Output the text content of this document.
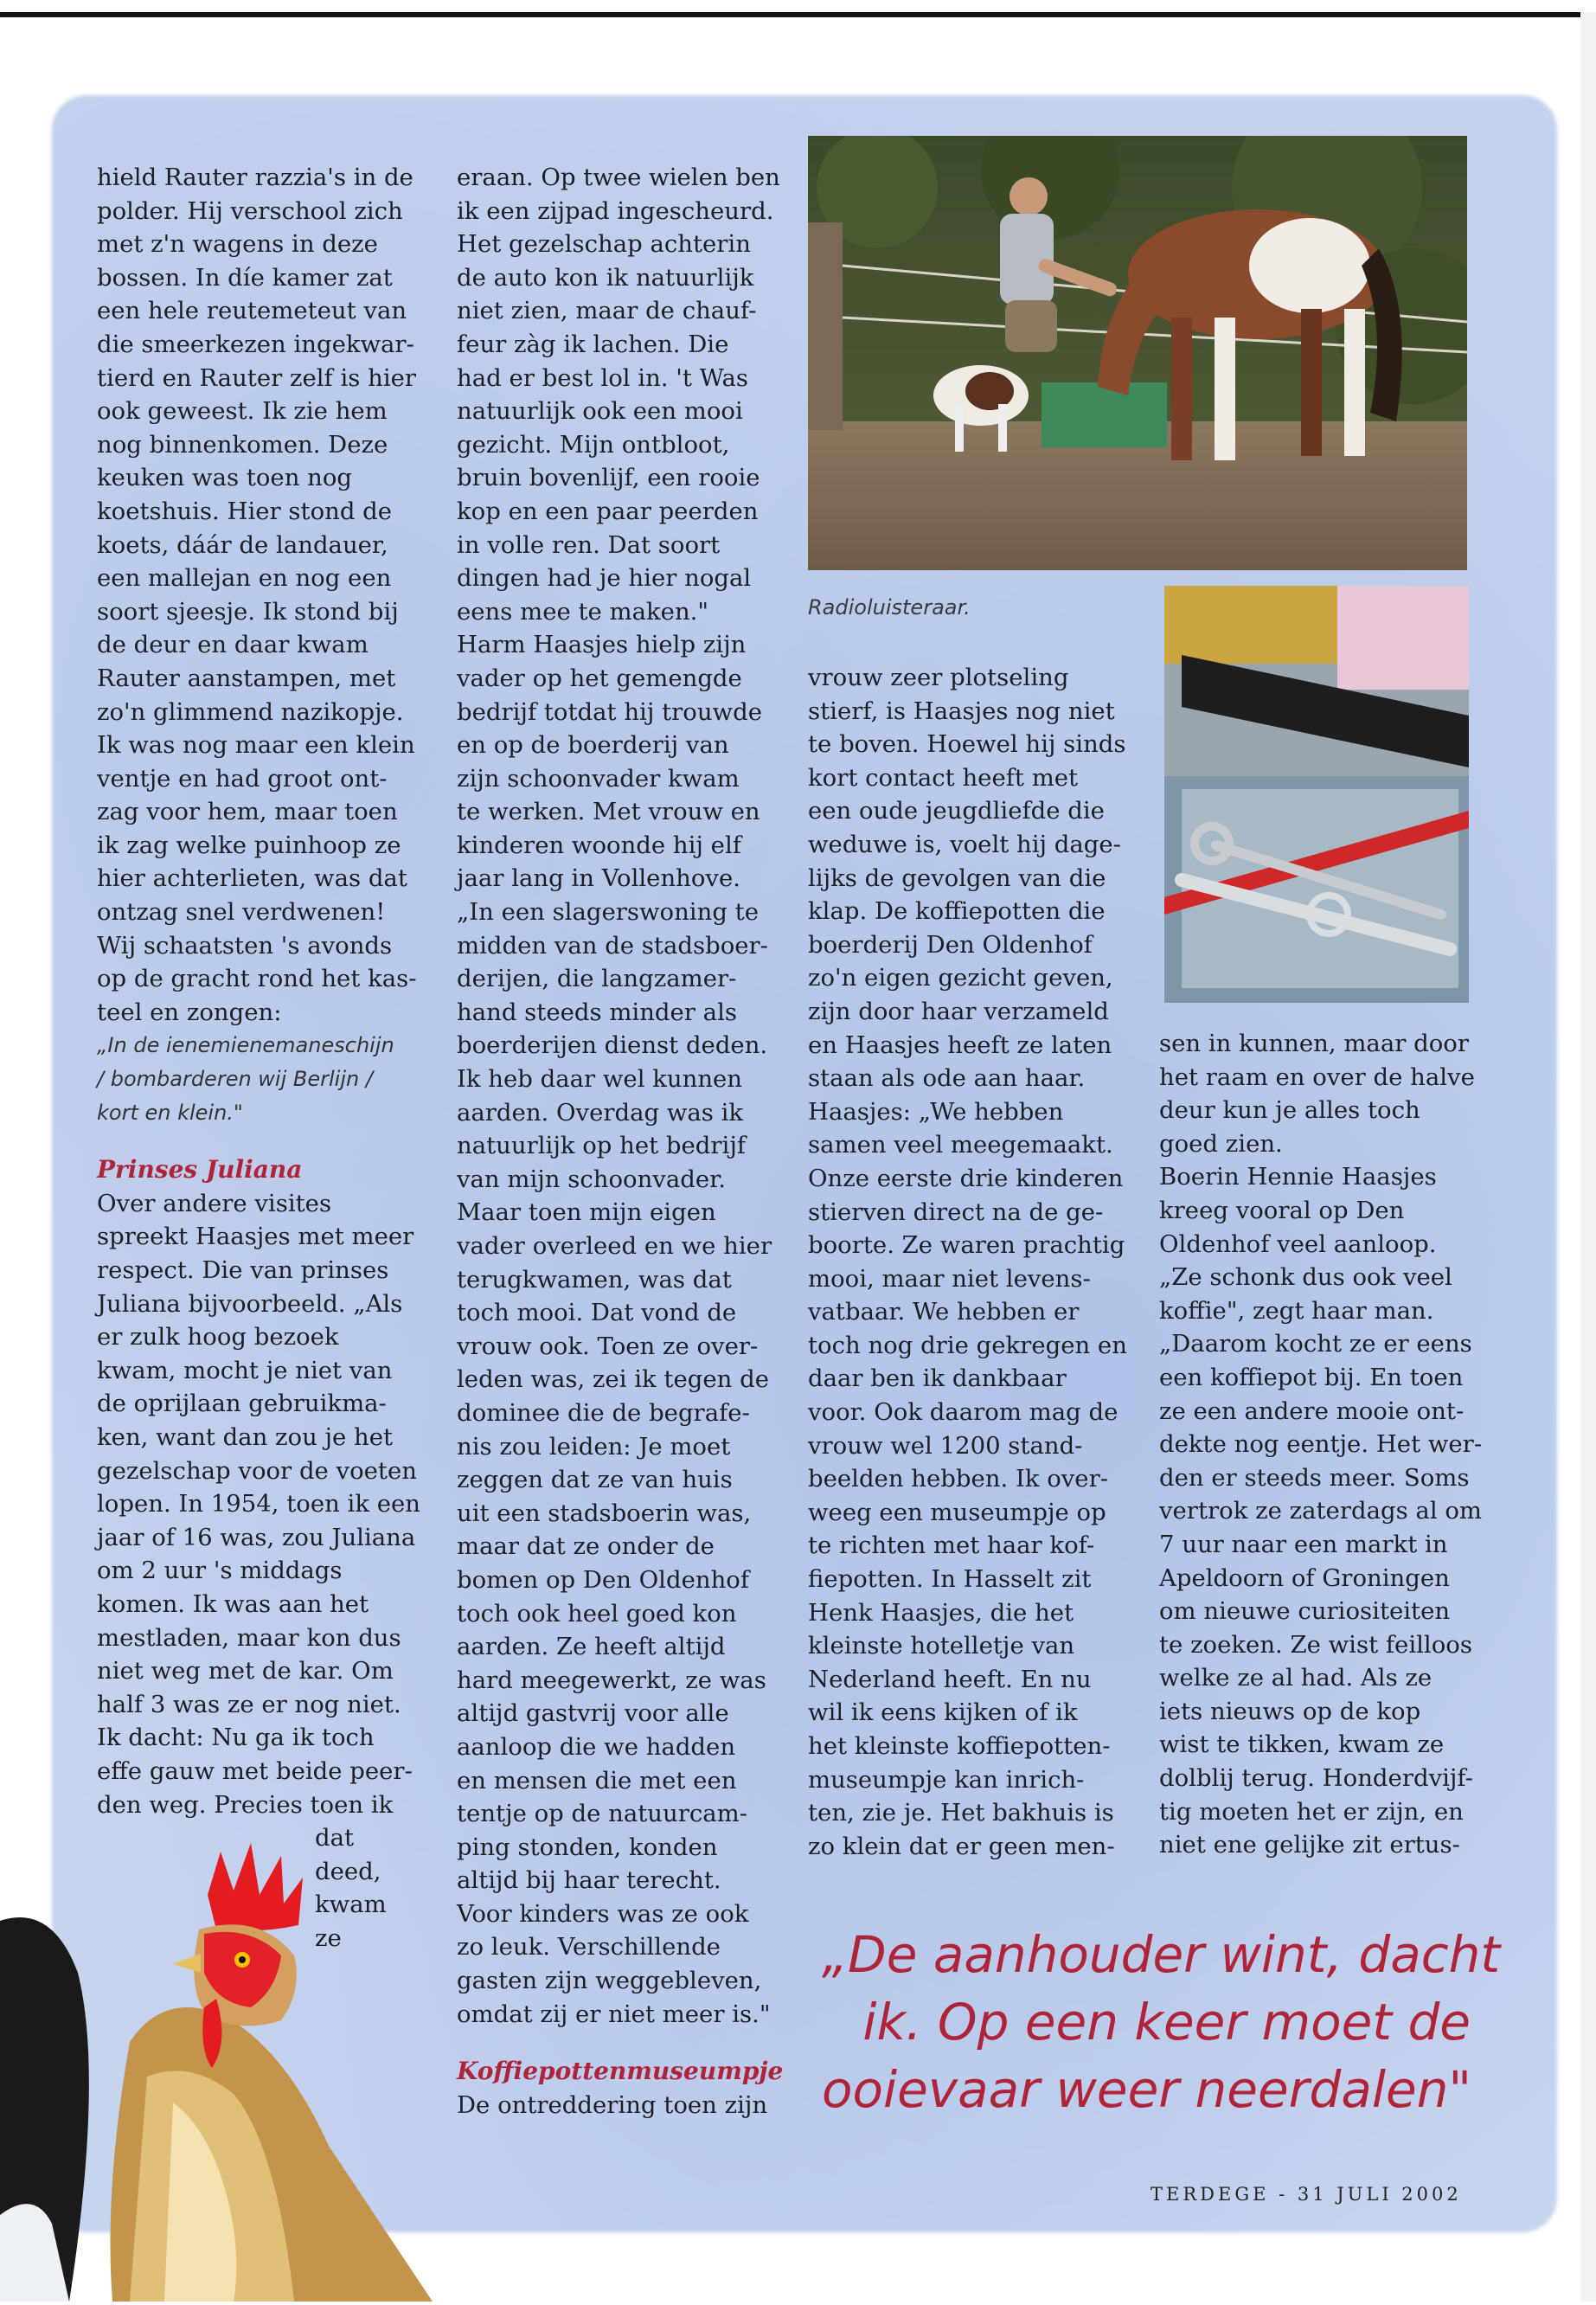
hield Rauter razzia's in de
polder. Hij verschool zich
met z'n wagens in deze
bossen. In díe kamer zat
een hele reutemeteut van
die smeerkezen ingekwar-
tierd en Rauter zelf is hier
ook geweest. Ik zie hem
nog binnenkomen. Deze
keuken was toen nog
koetshuis. Hier stond de
koets, dáár de landauer,
een mallejan en nog een
soort sjeesje. Ik stond bij
de deur en daar kwam
Rauter aanstampen, met
zo'n glimmend nazikopje.
Ik was nog maar een klein
ventje en had groot ont-
zag voor hem, maar toen
ik zag welke puinhoop ze
hier achterlieten, was dat
ontzag snel verdwenen!
Wij schaatsten 's avonds
op de gracht rond het kas-
teel en zongen:
„In de ienemienemaneschijn
/ bombarderen wij Berlijn /
kort en klein."
Prinses Juliana
Over andere visites
spreekt Haasjes met meer
respect. Die van prinses
Juliana bijvoorbeeld. „Als
er zulk hoog bezoek
kwam, mocht je niet van
de oprijlaan gebruikma-
ken, want dan zou je het
gezelschap voor de voeten
lopen. In 1954, toen ik een
jaar of 16 was, zou Juliana
om 2 uur 's middags
komen. Ik was aan het
mestladen, maar kon dus
niet weg met de kar. Om
half 3 was ze er nog niet.
Ik dacht: Nu ga ik toch
effe gauw met beide peer-
den weg. Precies toen ik
dat
deed,
kwam
ze
eraan. Op twee wielen ben
ik een zijpad ingescheurd.
Het gezelschap achterin
de auto kon ik natuurlijk
niet zien, maar de chauf-
feur zàg ik lachen. Die
had er best lol in. 't Was
natuurlijk ook een mooi
gezicht. Mijn ontbloot,
bruin bovenlijf, een rooie
kop en een paar peerden
in volle ren. Dat soort
dingen had je hier nogal
eens mee te maken."
Harm Haasjes hielp zijn
vader op het gemengde
bedrijf totdat hij trouwde
en op de boerderij van
zijn schoonvader kwam
te werken. Met vrouw en
kinderen woonde hij elf
jaar lang in Vollenhove.
„In een slagerswoning te
midden van de stadsboer-
derijen, die langzamer-
hand steeds minder als
boerderijen dienst deden.
Ik heb daar wel kunnen
aarden. Overdag was ik
natuurlijk op het bedrijf
van mijn schoonvader.
Maar toen mijn eigen
vader overleed en we hier
terugkwamen, was dat
toch mooi. Dat vond de
vrouw ook. Toen ze over-
leden was, zei ik tegen de
dominee die de begrafe-
nis zou leiden: Je moet
zeggen dat ze van huis
uit een stadsboerin was,
maar dat ze onder de
bomen op Den Oldenhof
toch ook heel goed kon
aarden. Ze heeft altijd
hard meegewerkt, ze was
altijd gastvrij voor alle
aanloop die we hadden
en mensen die met een
tentje op de natuurcam-
ping stonden, konden
altijd bij haar terecht.
Voor kinders was ze ook
zo leuk. Verschillende
gasten zijn weggebleven,
omdat zij er niet meer is."
Koffiepottenmuseumpje
De ontreddering toen zijn
Radioluisteraar.
vrouw zeer plotseling
stierf, is Haasjes nog niet
te boven. Hoewel hij sinds
kort contact heeft met
een oude jeugdliefde die
weduwe is, voelt hij dage-
lijks de gevolgen van die
klap. De koffiepotten die
boerderij Den Oldenhof
zo'n eigen gezicht geven,
zijn door haar verzameld
en Haasjes heeft ze laten
staan als ode aan haar.
Haasjes: „We hebben
samen veel meegemaakt.
Onze eerste drie kinderen
stierven direct na de ge-
boorte. Ze waren prachtig
mooi, maar niet levens-
vatbaar. We hebben er
toch nog drie gekregen en
daar ben ik dankbaar
voor. Ook daarom mag de
vrouw wel 1200 stand-
beelden hebben. Ik over-
weeg een museumpje op
te richten met haar kof-
fiepotten. In Hasselt zit
Henk Haasjes, die het
kleinste hotelletje van
Nederland heeft. En nu
wil ik eens kijken of ik
het kleinste koffiepotten-
museumpje kan inrich-
ten, zie je. Het bakhuis is
zo klein dat er geen men-
sen in kunnen, maar door
het raam en over de halve
deur kun je alles toch
goed zien.
Boerin Hennie Haasjes
kreeg vooral op Den
Oldenhof veel aanloop.
„Ze schonk dus ook veel
koffie", zegt haar man.
„Daarom kocht ze er eens
een koffiepot bij. En toen
ze een andere mooie ont-
dekte nog eentje. Het wer-
den er steeds meer. Soms
vertrok ze zaterdags al om
7 uur naar een markt in
Apeldoorn of Groningen
om nieuwe curiositeiten
te zoeken. Ze wist feilloos
welke ze al had. Als ze
iets nieuws op de kop
wist te tikken, kwam ze
dolblij terug. Honderdvijf-
tig moeten het er zijn, en
niet ene gelijke zit ertus-
„De aanhouder wint, dacht
ik. Op een keer moet de
ooievaar weer neerdalen"
TERDEGE - 31 JULI 2002
